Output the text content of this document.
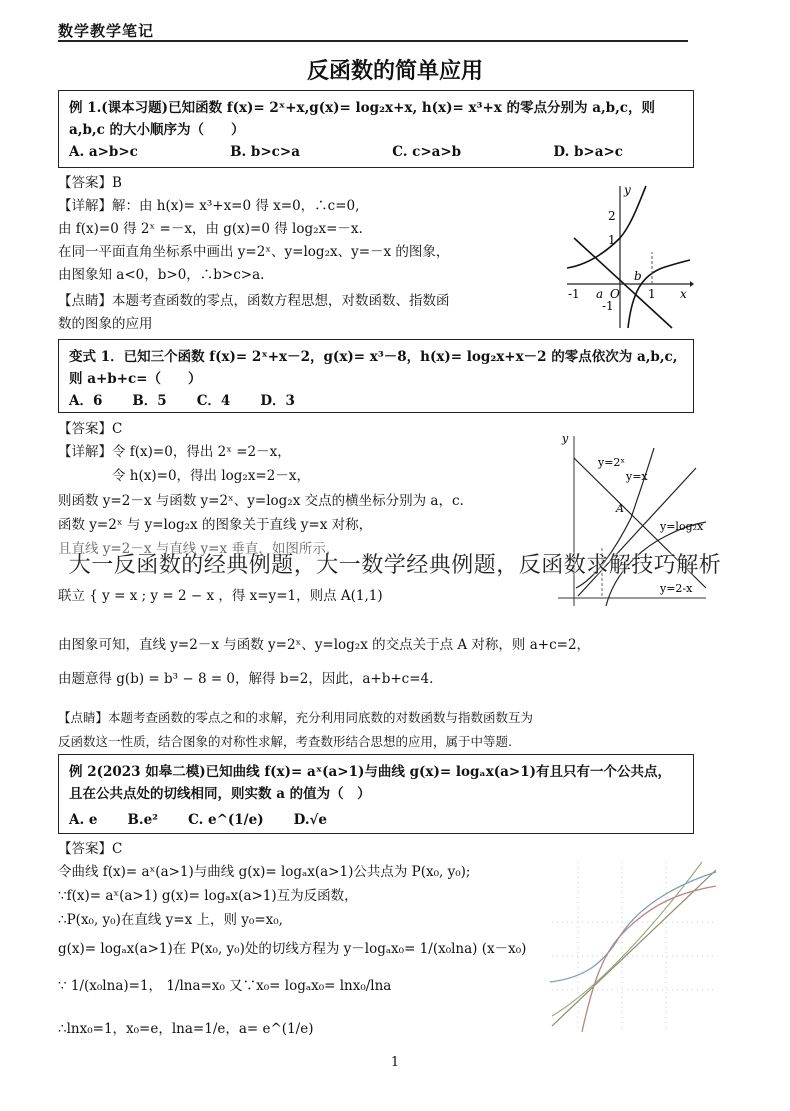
数学教学笔记
反函数的简单应用
例 1.(课本习题)已知函数 f(x)= 2ˣ+x,g(x)= log₂x+x, h(x)= x³+x 的零点分别为 a,b,c，则
a,b,c 的大小顺序为（　　）
A. a>b>c	B. b>c>a	C. c>a>b	D. b>a>c
【答案】B
【详解】解：由 h(x)= x³+x=0 得 x=0，∴c=0,
由 f(x)=0 得 2ˣ =－x，由 g(x)=0 得 log₂x=－x.
在同一平面直角坐标系中画出 y=2ˣ、y=log₂x、y=－x 的图象，
由图象知 a<0，b>0，∴b>c>a.
【点睛】本题考查函数的零点，函数方程思想，对数函数、指数函
数的图象的应用
2
1
-1
-1 a O
b
1 x
y
变式 1．已知三个函数 f(x)= 2ˣ+x－2，g(x)= x³－8，h(x)= log₂x+x－2 的零点依次为 a,b,c,
则 a+b+c=（　　）
A．6 B．5 C．4 D．3
【答案】C
【详解】令 f(x)=0，得出 2ˣ =2－x，
　　　　令 h(x)=0，得出 log₂x=2－x，
则函数 y=2－x 与函数 y=2ˣ、y=log₂x 交点的横坐标分别为 a，c.
函数 y=2ˣ 与 y=log₂x 的图象关于直线 y=x 对称，
且直线 y=2－x 与直线 y=x 垂直，如图所示，
联立 { y = x ; y = 2 − x ，得 x=y=1，则点 A(1,1)
由图象可知，直线 y=2－x 与函数 y=2ˣ、y=log₂x 的交点关于点 A 对称，则 a+c=2，
由题意得 g(b) = b³ − 8 = 0，解得 b=2，因此，a+b+c=4.
【点睛】本题考查函数的零点之和的求解，充分利用同底数的对数函数与指数函数互为
反函数这一性质，结合图象的对称性求解，考查数形结合思想的应用，属于中等题.
y
y=2ˣ
y=x
A
y=log₂x
y=2-x
例 2(2023 如皋二模)已知曲线 f(x)= aˣ(a>1)与曲线 g(x)= logₐx(a>1)有且只有一个公共点，
且在公共点处的切线相同，则实数 a 的值为（　）
A. e B.e² C. e^(1/e) D.√e
【答案】C
令曲线 f(x)= aˣ(a>1)与曲线 g(x)= logₐx(a>1)公共点为 P(x₀, y₀);
∵f(x)= aˣ(a>1) g(x)= logₐx(a>1)互为反函数，
∴P(x₀, y₀)在直线 y=x 上，则 y₀=x₀,
g(x)= logₐx(a>1)在 P(x₀, y₀)处的切线方程为 y－logₐx₀= 1/(x₀lna) (x－x₀)
∵ 1/(x₀lna)=1， 1/lna=x₀ 又∵x₀= logₐx₀= lnx₀/lna
∴lnx₀=1，x₀=e，lna=1/e，a= e^(1/e)
大一反函数的经典例题，大一数学经典例题，反函数求解技巧解析
1
